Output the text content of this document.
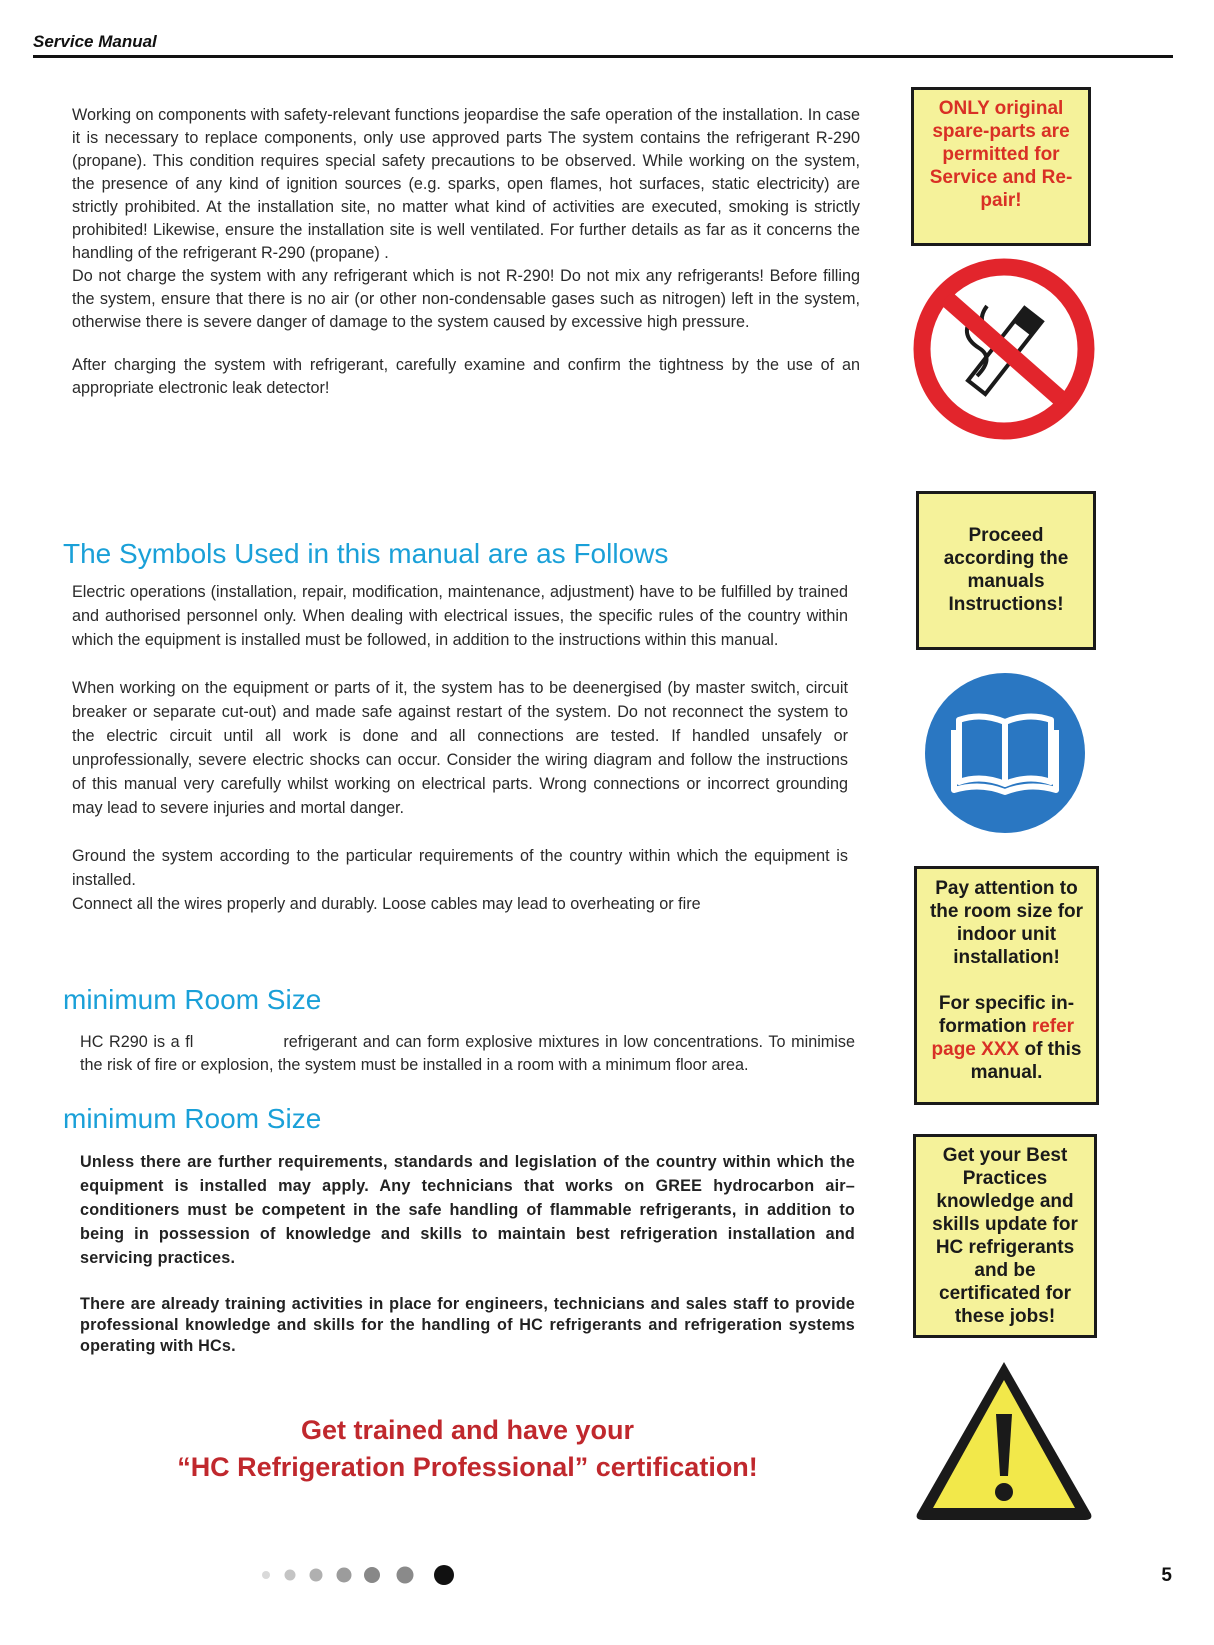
Service Manual

Working on components with safety-relevant functions jeopardise the safe operation of the installation. In case it is necessary to replace components, only use approved parts The system contains the refrigerant R-290 (propane). This condition requires special safety precautions to be observed. While working on the system, the presence of any kind of ignition sources (e.g. sparks, open flames, hot surfaces, static electricity) are strictly prohibited. At the installation site, no matter what kind of activities are executed, smoking is strictly prohibited! Likewise, ensure the installation site is well ventilated. For further details as far as it concerns the handling of the refrigerant R-290 (propane) .

Do not charge the system with any refrigerant which is not R-290! Do not mix any refrigerants! Before filling the system, ensure that there is no air (or other non-condensable gases such as nitrogen) left in the system, otherwise there is severe danger of damage to the system caused by excessive high pressure.

After charging the system with refrigerant, carefully examine and confirm the tightness by the use of an appropriate electronic leak detector!

The Symbols Used in this manual are as Follows

Electric operations (installation, repair, modification, maintenance, adjustment) have to be fulfilled by trained and authorised personnel only. When dealing with electrical issues, the specific rules of the country within which the equipment is installed must be followed, in addition to the instructions within this manual.

When working on the equipment or parts of it, the system has to be deenergised (by master switch, circuit breaker or separate cut-out) and made safe against restart of the system. Do not reconnect the system to the electric circuit until all work is done and all connections are tested. If handled unsafely or unprofessionally, severe electric shocks can occur. Consider the wiring diagram and follow the instructions of this manual very carefully whilst working on electrical parts. Wrong connections or incorrect grounding may lead to severe injuries and mortal danger.

Ground the system according to the particular requirements of the country within which the equipment is installed.

Connect all the wires properly and durably. Loose cables may lead to overheating or fire

minimum Room Size

HC R290 is a fl	refrigerant and can form explosive mixtures in low concentrations. To minimise the risk of fire or explosion, the system must be installed in a room with a minimum floor area.

minimum Room Size

Unless there are further requirements, standards and legislation of the country within which the equipment is installed may apply. Any technicians that works on GREE hydrocarbon air– conditioners must be competent in the safe handling of flammable refrigerants, in addition to being in possession of knowledge and skills to maintain best refrigeration installation and servicing practices.

There are already training activities in place for engineers, technicians and sales staff to provide professional knowledge and skills for the handling of HC refrigerants and refrigeration systems operating with HCs.

Get trained and have your
“HC Refrigeration Professional” certification!
ONLY original spare-parts are permitted for Service and Re-pair!
Proceed according the manuals Instructions!
Pay attention to the room size for indoor unit installation!
For specific in-formation refer page XXX of this manual.
Get your Best Practices knowledge and skills update for HC refrigerants and be certificated for these jobs!
5
